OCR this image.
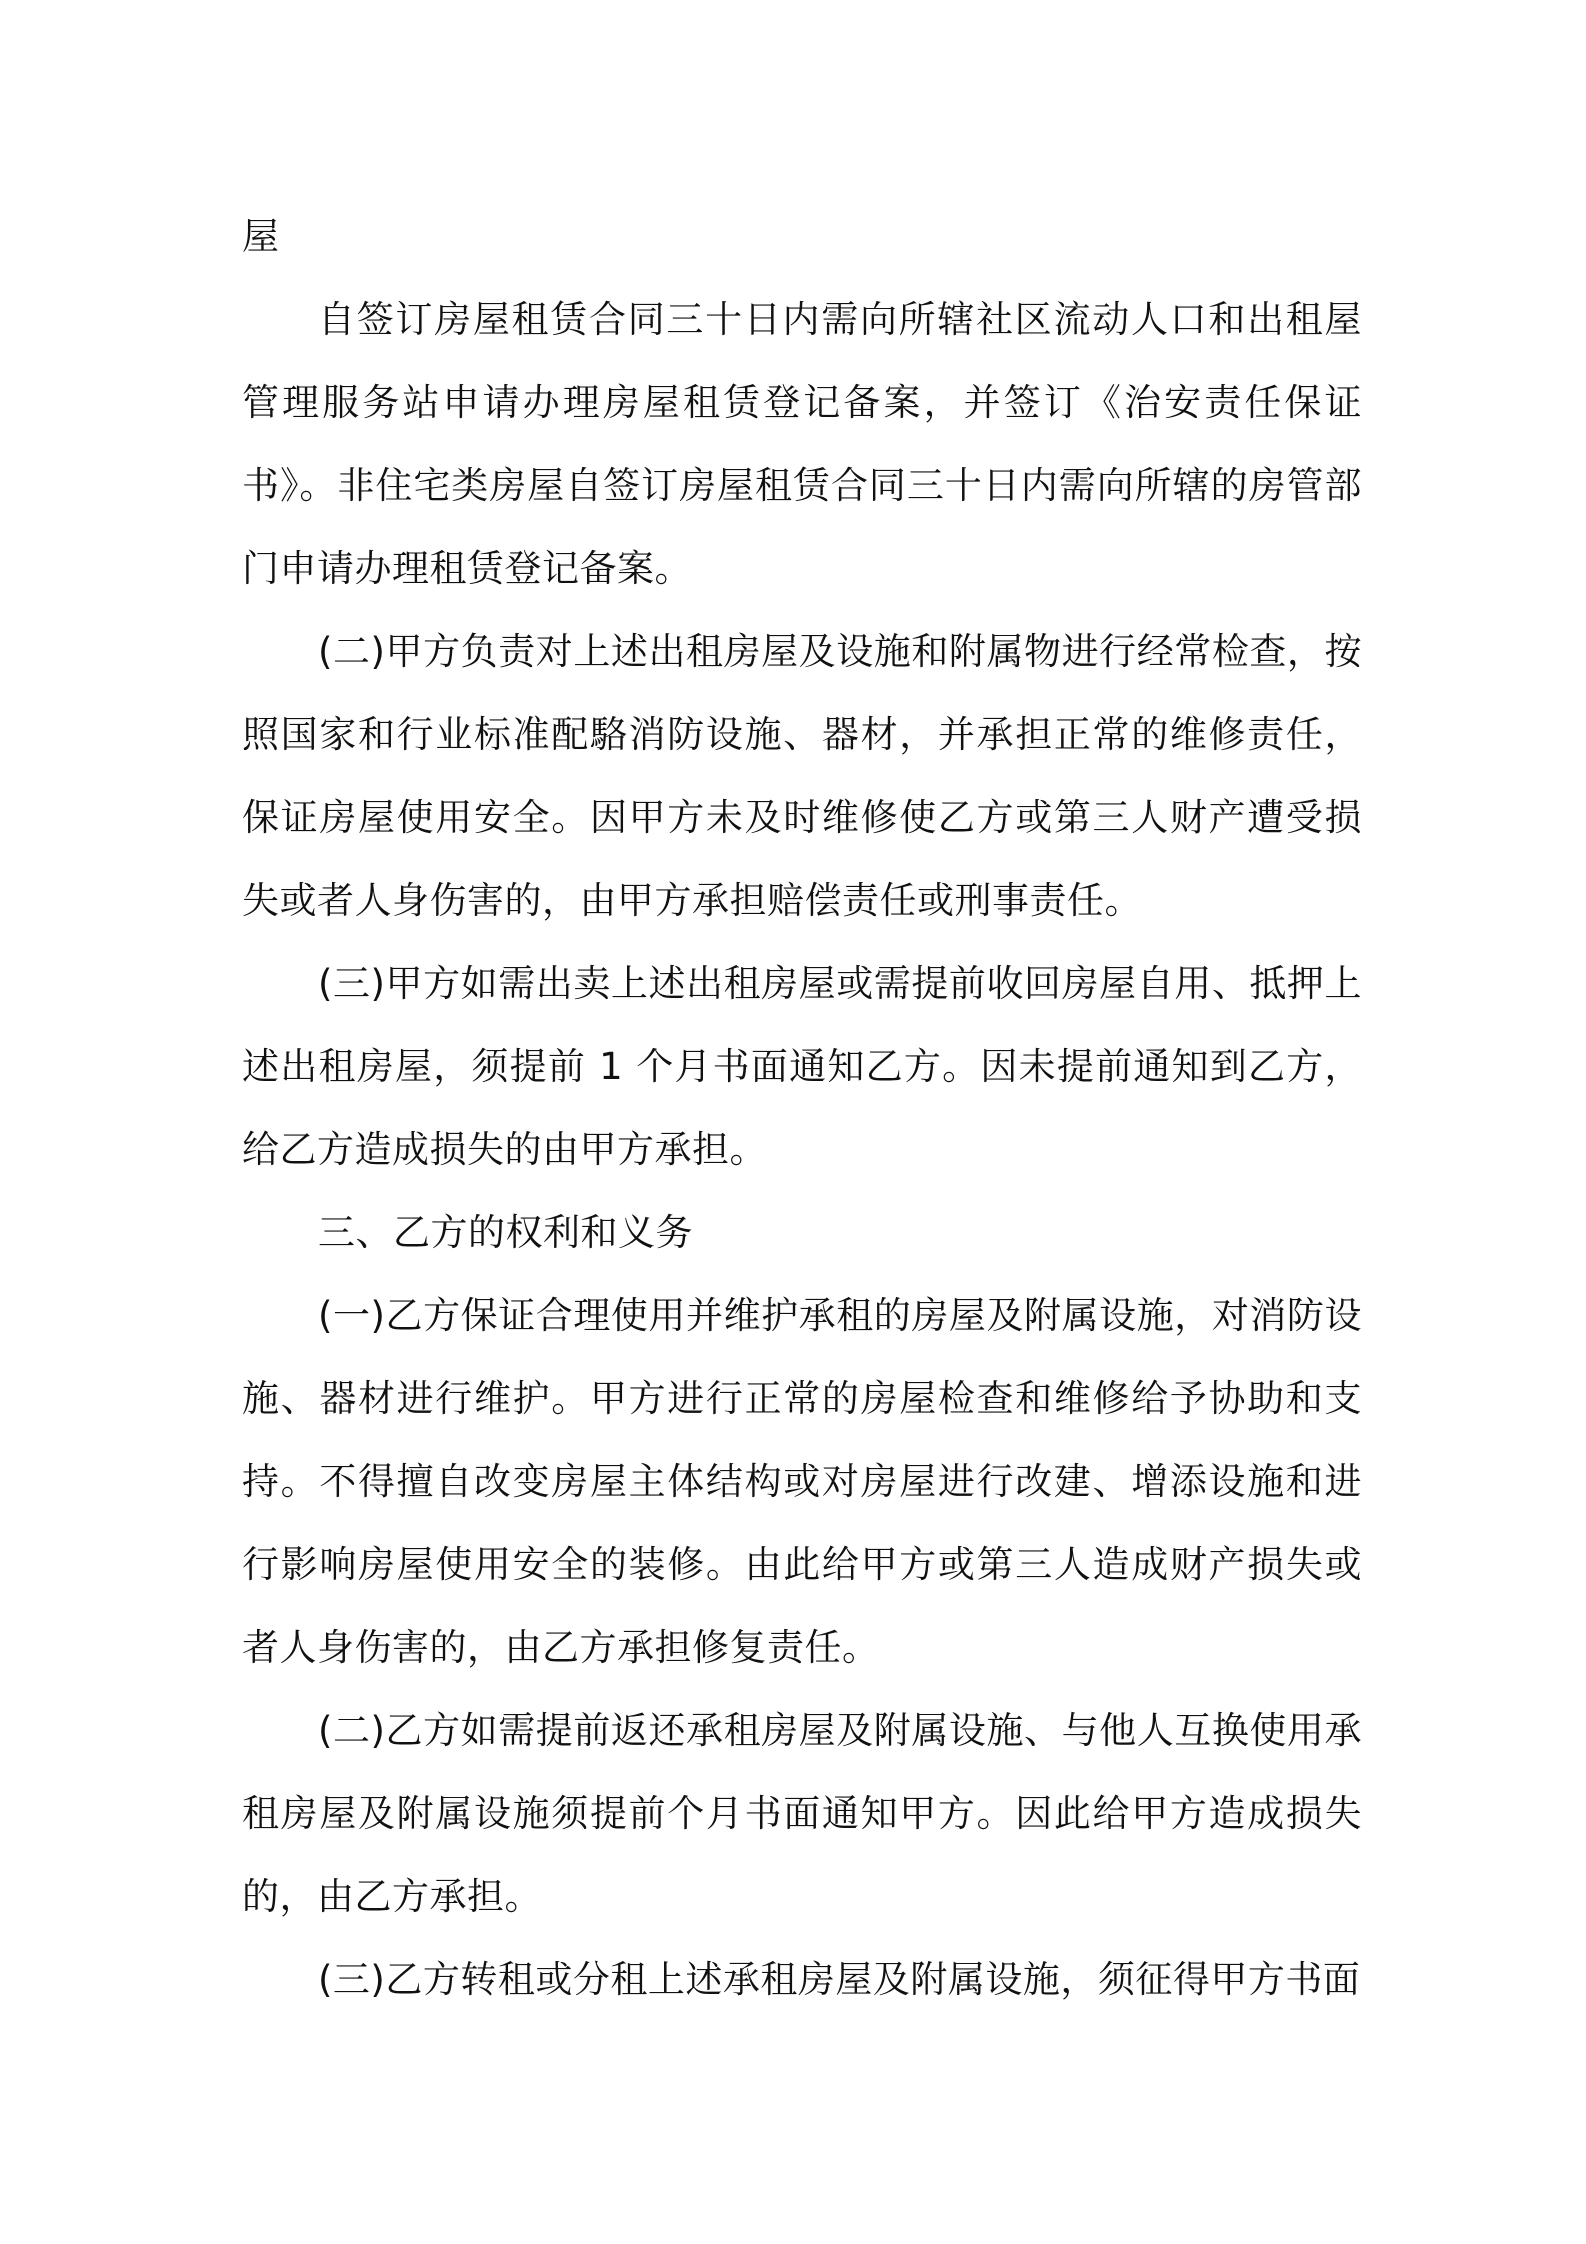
屋

自签订房屋租赁合同三十日内需向所辖社区流动人口和出租屋管理服务站申请办理房屋租赁登记备案，并签订《治安责任保证书》。非住宅类房屋自签订房屋租赁合同三十日内需向所辖的房管部门申请办理租赁登记备案。

(二)甲方负责对上述出租房屋及设施和附属物进行经常检查，按照国家和行业标准配駱消防设施、器材，并承担正常的维修责任，保证房屋使用安全。因甲方未及时维修使乙方或第三人财产遭受损失或者人身伤害的，由甲方承担赔偿责任或刑事责任。

(三)甲方如需出卖上述出租房屋或需提前收回房屋自用、抵押上述出租房屋，须提前 1 个月书面通知乙方。因未提前通知到乙方，给乙方造成损失的由甲方承担。

三、乙方的权利和义务

(一)乙方保证合理使用并维护承租的房屋及附属设施，对消防设施、器材进行维护。甲方进行正常的房屋检查和维修给予协助和支持。不得擅自改变房屋主体结构或对房屋进行改建、增添设施和进行影响房屋使用安全的装修。由此给甲方或第三人造成财产损失或者人身伤害的，由乙方承担修复责任。

(二)乙方如需提前返还承租房屋及附属设施、与他人互换使用承租房屋及附属设施须提前个月书面通知甲方。因此给甲方造成损失的，由乙方承担。

(三)乙方转租或分租上述承租房屋及附属设施，须征得甲方书面
